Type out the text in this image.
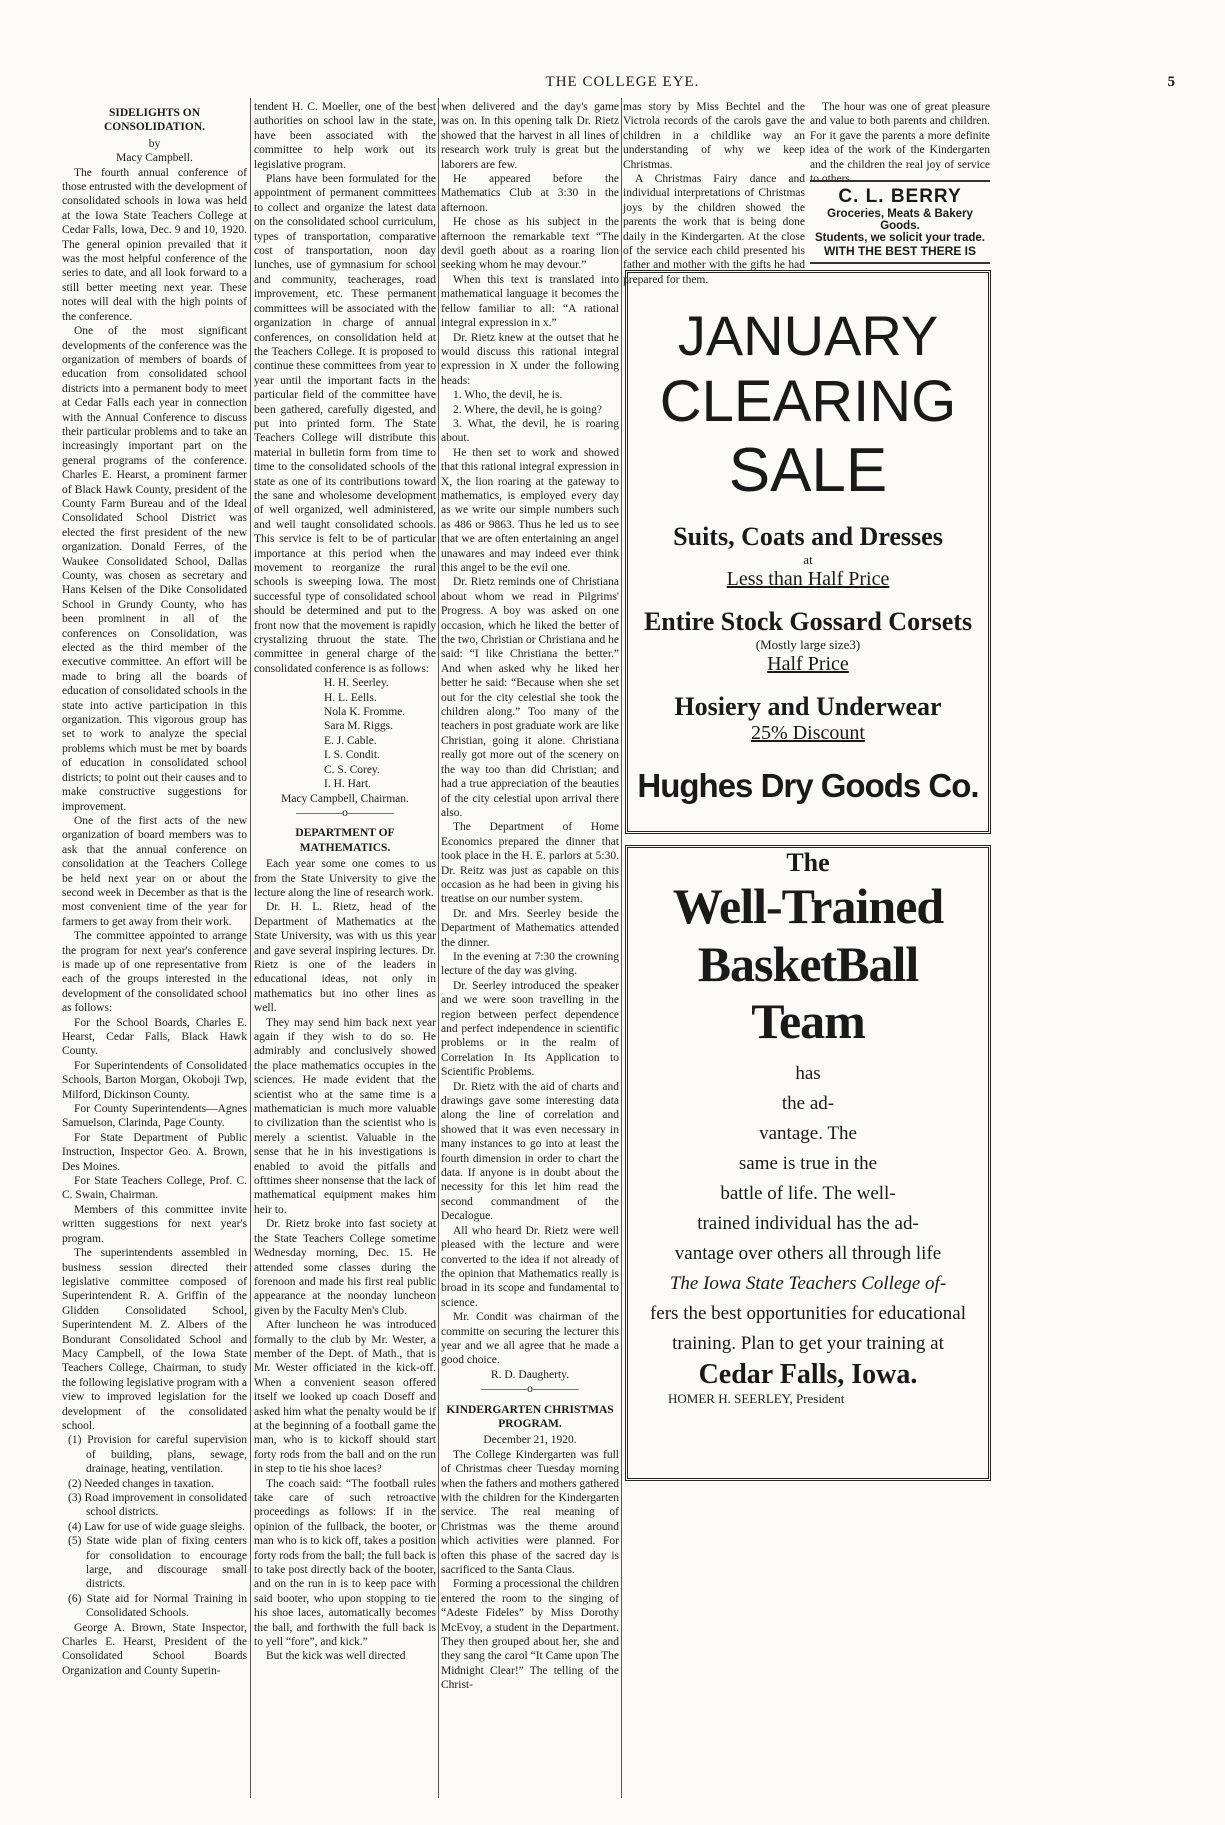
THE COLLEGE EYE.	5

SIDELIGHTS ON CONSOLIDATION.

by

Macy Campbell.

The fourth annual conference of those entrusted with the development of consolidated schools in Iowa was held at the Iowa State Teachers College at Cedar Falls, Iowa, Dec. 9 and 10, 1920. The general opinion prevailed that it was the most helpful conference of the series to date, and all look forward to a still better meeting next year. These notes will deal with the high points of the conference.

One of the most significant developments of the conference was the organization of members of boards of education from consolidated school districts into a permanent body to meet at Cedar Falls each year in connection with the Annual Conference to discuss their particular problems and to take an increasingly important part on the general programs of the conference. Charles E. Hearst, a prominent farmer of Black Hawk County, president of the County Farm Bureau and of the Ideal Consolidated School District was elected the first president of the new organization. Donald Ferres, of the Waukee Consolidated School, Dallas County, was chosen as secretary and Hans Kelsen of the Dike Consolidated School in Grundy County, who has been prominent in all of the conferences on Consolidation, was elected as the third member of the executive committee. An effort will be made to bring all the boards of education of consolidated schools in the state into active participation in this organization. This vigorous group has set to work to analyze the special problems which must be met by boards of education in consolidated school districts; to point out their causes and to make constructive suggestions for improvement.

One of the first acts of the new organization of board members was to ask that the annual conference on consolidation at the Teachers College be held next year on or about the second week in December as that is the most convenient time of the year for farmers to get away from their work.

The committee appointed to arrange the program for next year's conference is made up of one representative from each of the groups interested in the development of the consolidated school as follows:

For the School Boards, Charles E. Hearst, Cedar Falls, Black Hawk County.

For Superintendents of Consolidated Schools, Barton Morgan, Okoboji Twp, Milford, Dickinson County.

For County Superintendents—Agnes Samuelson, Clarinda, Page County.

For State Department of Public Instruction, Inspector Geo. A. Brown, Des Moines.

For State Teachers College, Prof. C. C. Swain, Chairman.

Members of this committee invite written suggestions for next year's program.

The superintendents assembled in business session directed their legislative committee composed of Superintendent R. A. Griffin of the Glidden Consolidated School, Superintendent M. Z. Albers of the Bondurant Consolidated School and Macy Campbell, of the Iowa State Teachers College, Chairman, to study the following legislative program with a view to improved legislation for the development of the consolidated school.

(1) Provision for careful supervision of building, plans, sewage, drainage, heating, ventilation.
(2) Needed changes in taxation.
(3) Road improvement in consolidated school districts.
(4) Law for use of wide guage sleighs.
(5) State wide plan of fixing centers for consolidation to encourage large, and discourage small districts.
(6) State aid for Normal Training in Consolidated Schools.

George A. Brown, State Inspector, Charles E. Hearst, President of the Consolidated School Boards Organization and County Superin-

tendent H. C. Moeller, one of the best authorities on school law in the state, have been associated with the committee to help work out its legislative program.

Plans have been formulated for the appointment of permanent committees to collect and organize the latest data on the consolidated school curriculum, types of transportation, comparative cost of transportation, noon day lunches, use of gymnasium for school and community, teacherages, road improvement, etc. These permanent committees will be associated with the organization in charge of annual conferences, on consolidation held at the Teachers College. It is proposed to continue these committees from year to year until the important facts in the particular field of the committee have been gathered, carefully digested, and put into printed form. The State Teachers College will distribute this material in bulletin form from time to time to the consolidated schools of the state as one of its contributions toward the sane and wholesome development of well organized, well administered, and well taught consolidated schools. This service is felt to be of particular importance at this period when the movement to reorganize the rural schools is sweeping Iowa. The most successful type of consolidated school should be determined and put to the front now that the movement is rapidly crystalizing thruout the state. The committee in general charge of the consolidated conference is as follows:

H. H. Seerley.

H. L. Eells.

Nola K. Fromme.

Sara M. Riggs.

E. J. Cable.

I. S. Condit.

C. S. Corey.

I. H. Hart.

Macy Campbell, Chairman.

————o————

DEPARTMENT OF MATHEMATICS.

Each year some one comes to us from the State University to give the lecture along the line of research work.

Dr. H. L. Rietz, head of the Department of Mathematics at the State University, was with us this year and gave several inspiring lectures. Dr. Rietz is one of the leaders in educational ideas, not only in mathematics but ino other lines as well.

They may send him back next year again if they wish to do so. He admirably and conclusively showed the place mathematics occupies in the sciences. He made evident that the scientist who at the same time is a mathematician is much more valuable to civilization than the scientist who is merely a scientist. Valuable in the sense that he in his investigations is enabled to avoid the pitfalls and ofttimes sheer nonsense that the lack of mathematical equipment makes him heir to.

Dr. Rietz broke into fast society at the State Teachers College sometime Wednesday morning, Dec. 15. He attended some classes during the forenoon and made his first real public appearance at the noonday luncheon given by the Faculty Men's Club.

After luncheon he was introduced formally to the club by Mr. Wester, a member of the Dept. of Math., that is Mr. Wester officiated in the kick-off. When a convenient season offered itself we looked up coach Doseff and asked him what the penalty would be if at the beginning of a football game the man, who is to kickoff should start forty rods from the ball and on the run in step to tie his shoe laces?

The coach said: “The football rules take care of such retroactive proceedings as follows: If in the opinion of the fullback, the booter, or man who is to kick off, takes a position forty rods from the ball; the full back is to take post directly back of the booter, and on the run in is to keep pace with said booter, who upon stopping to tie his shoe laces, automatically becomes the ball, and forthwith the full back is to yell “fore”, and kick.”

But the kick was well directed

when delivered and the day's game was on. In this opening talk Dr. Rietz showed that the harvest in all lines of research work truly is great but the laborers are few.

He appeared before the Mathematics Club at 3:30 in the afternoon.

He chose as his subject in the afternoon the remarkable text “The devil goeth about as a roaring lion seeking whom he may devour.”

When this text is translated into mathematical language it becomes the fellow familiar to all: “A rational integral expression in x.”

Dr. Rietz knew at the outset that he would discuss this rational integral expression in X under the following heads:

1. Who, the devil, he is.

2. Where, the devil, he is going?

3. What, the devil, he is roaring about.

He then set to work and showed that this rational integral expression in X, the lion roaring at the gateway to mathematics, is employed every day as we write our simple numbers such as 486 or 9863. Thus he led us to see that we are often entertaining an angel unawares and may indeed ever think this angel to be the evil one.

Dr. Rietz reminds one of Christiana about whom we read in Pilgrims' Progress. A boy was asked on one occasion, which he liked the better of the two, Christian or Christiana and he said: “I like Christiana the better.” And when asked why he liked her better he said: “Because when she set out for the city celestial she took the children along.” Too many of the teachers in post graduate work are like Christian, going it alone. Christiana really got more out of the scenery on the way too than did Christian; and had a true appreciation of the beauties of the city celestial upon arrival there also.

The Department of Home Economics prepared the dinner that took place in the H. E. parlors at 5:30. Dr. Reitz was just as capable on this occasion as he had been in giving his treatise on our number system.

Dr. and Mrs. Seerley beside the Department of Mathematics attended the dinner.

In the evening at 7:30 the crowning lecture of the day was giving.

Dr. Seerley introduced the speaker and we were soon travelling in the region between perfect dependence and perfect independence in scientific problems or in the realm of Correlation In Its Application to Scientific Problems.

Dr. Rietz with the aid of charts and drawings gave some interesting data along the line of correlation and showed that it was even necessary in many instances to go into at least the fourth dimension in order to chart the data. If anyone is in doubt about the necessity for this let him read the second commandment of the Decalogue.

All who heard Dr. Rietz were well pleased with the lecture and were converted to the idea if not already of the opinion that Mathematics really is broad in its scope and fundamental to science.

Mr. Condit was chairman of the committe on securing the lecturer this year and we all agree that he made a good choice.

R. D. Daugherty.

————o————

KINDERGARTEN CHRISTMAS PROGRAM.

December 21, 1920.

The College Kindergarten was full of Christmas cheer Tuesday morning when the fathers and mothers gathered with the children for the Kindergarten service. The real meaning of Christmas was the theme around which activities were planned. For often this phase of the sacred day is sacrificed to the Santa Claus.

Forming a processional the children entered the room to the singing of “Adeste Fideles” by Miss Dorothy McEvoy, a student in the Department. They then grouped about her, she and they sang the carol “It Came upon The Midnight Clear!” The telling of the Christ-

mas story by Miss Bechtel and the Victrola records of the carols gave the children in a childlike way an understanding of why we keep Christmas.

A Christmas Fairy dance and individual interpretations of Christmas joys by the children showed the parents the work that is being done daily in the Kindergarten. At the close of the service each child presented his father and mother with the gifts he had prepared for them.

The hour was one of great pleasure and value to both parents and children. For it gave the parents a more definite idea of the work of the Kindergarten and the children the real joy of service to others.

C. L. BERRY
Groceries, Meats & Bakery Goods.
Students, we solicit your trade.
WITH THE BEST THERE IS
JANUARY
CLEARING
SALE
Suits, Coats and Dresses
at
Less than Half Price
Entire Stock Gossard Corsets
(Mostly large size3)
Half Price
Hosiery and Underwear
25% Discount
Hughes Dry Goods Co.

The

Well-Trained

BasketBall

Team

has

the ad-

vantage. The

same is true in the

battle of life. The well-

trained individual has the ad-

vantage over others all through life

The Iowa State Teachers College of-

fers the best opportunities for educational

training. Plan to get your training at

Cedar Falls, Iowa.

HOMER H. SEERLEY, President
